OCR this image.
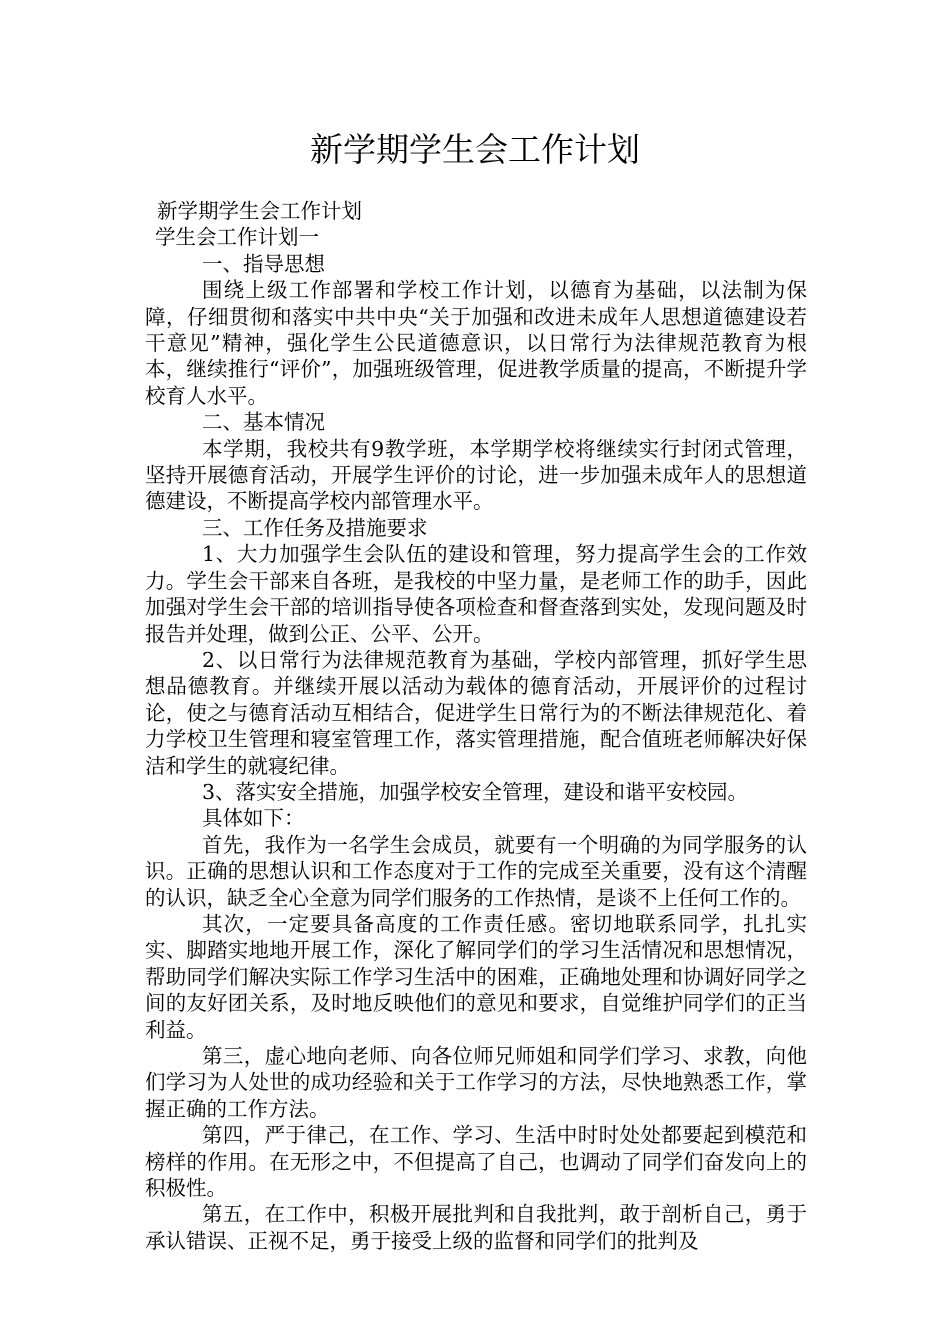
新学期学生会工作计划

新学期学生会工作计划

学生会工作计划一

一、指导思想

围绕上级工作部署和学校工作计划，以德育为基础，以法制为保障，仔细贯彻和落实中共中央“关于加强和改进未成年人思想道德建设若干意见”精神，强化学生公民道德意识，以日常行为法律规范教育为根本，继续推行“评价”，加强班级管理，促进教学质量的提高，不断提升学校育人水平。

二、基本情况

本学期，我校共有9教学班，本学期学校将继续实行封闭式管理，坚持开展德育活动，开展学生评价的讨论，进一步加强未成年人的思想道德建设，不断提高学校内部管理水平。

三、工作任务及措施要求

1、大力加强学生会队伍的建设和管理，努力提高学生会的工作效力。学生会干部来自各班，是我校的中坚力量，是老师工作的助手，因此加强对学生会干部的培训指导使各项检查和督查落到实处，发现问题及时报告并处理，做到公正、公平、公开。

2、以日常行为法律规范教育为基础，学校内部管理，抓好学生思想品德教育。并继续开展以活动为载体的德育活动，开展评价的过程讨论，使之与德育活动互相结合，促进学生日常行为的不断法律规范化、着力学校卫生管理和寝室管理工作，落实管理措施，配合值班老师解决好保洁和学生的就寝纪律。

3、落实安全措施，加强学校安全管理，建设和谐平安校园。

具体如下：

首先，我作为一名学生会成员，就要有一个明确的为同学服务的认识。正确的思想认识和工作态度对于工作的完成至关重要，没有这个清醒的认识，缺乏全心全意为同学们服务的工作热情，是谈不上任何工作的。

其次，一定要具备高度的工作责任感。密切地联系同学，扎扎实实、脚踏实地地开展工作，深化了解同学们的学习生活情况和思想情况，帮助同学们解决实际工作学习生活中的困难，正确地处理和协调好同学之间的友好团关系，及时地反映他们的意见和要求，自觉维护同学们的正当利益。

第三，虚心地向老师、向各位师兄师姐和同学们学习、求教，向他们学习为人处世的成功经验和关于工作学习的方法，尽快地熟悉工作，掌握正确的工作方法。

第四，严于律己，在工作、学习、生活中时时处处都要起到模范和榜样的作用。在无形之中，不但提高了自己，也调动了同学们奋发向上的积极性。

第五，在工作中，积极开展批判和自我批判，敢于剖析自己，勇于承认错误、正视不足，勇于接受上级的监督和同学们的批判及
